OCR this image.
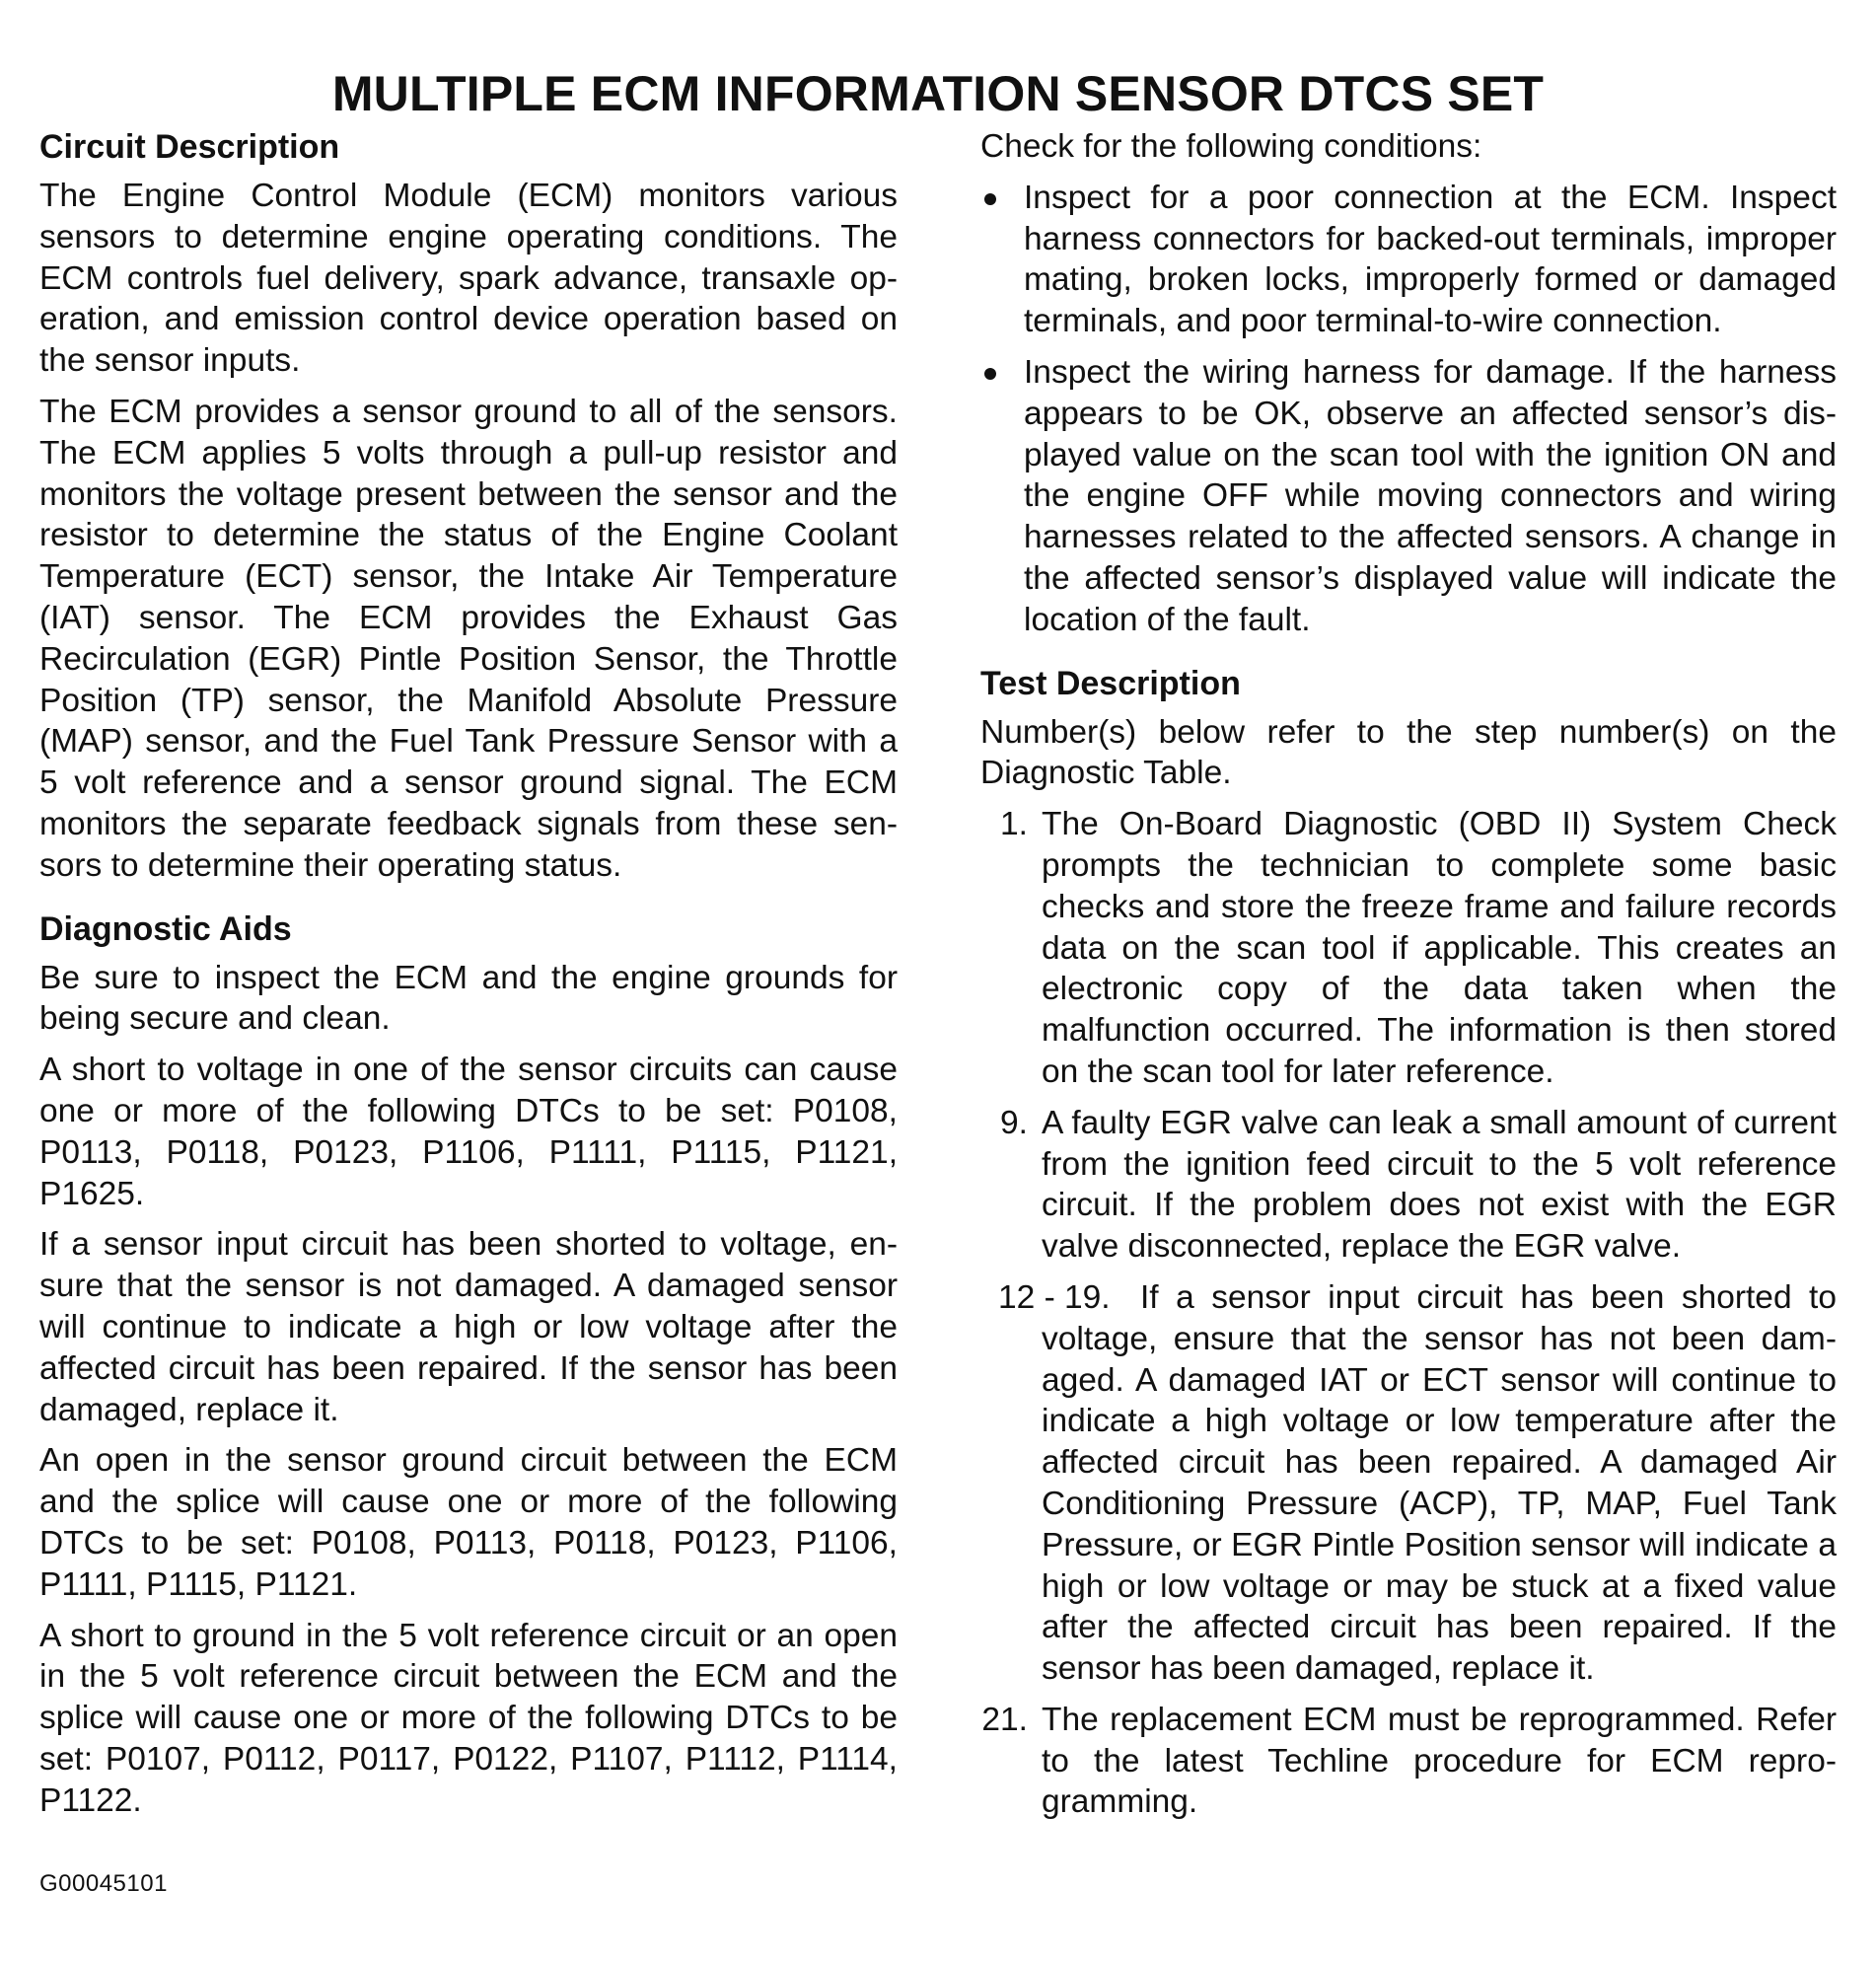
MULTIPLE ECM INFORMATION SENSOR DTCS SET
Circuit Description

The Engine Control Module (ECM) monitors various sensors to determine engine operating conditions. The ECM controls fuel delivery, spark advance, transaxle operation, and emission control device operation based on the sensor inputs.

The ECM provides a sensor ground to all of the sensors. The ECM applies 5 volts through a pull-up resistor and monitors the voltage present between the sensor and the resistor to determine the status of the Engine Coolant Temperature (ECT) sensor, the Intake Air Temperature (IAT) sensor. The ECM provides the Exhaust Gas Recirculation (EGR) Pintle Position Sensor, the Throttle Position (TP) sensor, the Manifold Absolute Pressure (MAP) sensor, and the Fuel Tank Pressure Sensor with a 5 volt reference and a sensor ground signal. The ECM monitors the separate feedback signals from these sensors to determine their operating status.

Diagnostic Aids

Be sure to inspect the ECM and the engine grounds for being secure and clean.

A short to voltage in one of the sensor circuits can cause one or more of the following DTCs to be set: P0108, P0113, P0118, P0123, P1106, P1111, P1115, P1121, P1625.

If a sensor input circuit has been shorted to voltage, ensure that the sensor is not damaged. A damaged sensor will continue to indicate a high or low voltage after the affected circuit has been repaired. If the sensor has been damaged, replace it.

An open in the sensor ground circuit between the ECM and the splice will cause one or more of the following DTCs to be set: P0108, P0113, P0118, P0123, P1106, P1111, P1115, P1121.

A short to ground in the 5 volt reference circuit or an open in the 5 volt reference circuit between the ECM and the splice will cause one or more of the following DTCs to be set: P0107, P0112, P0117, P0122, P1107, P1112, P1114, P1122.

Check for the following conditions:

Inspect for a poor connection at the ECM. Inspect harness connectors for backed-out terminals, improper mating, broken locks, improperly formed or damaged terminals, and poor terminal-to-wire connection.
Inspect the wiring harness for damage. If the harness appears to be OK, observe an affected sensor’s displayed value on the scan tool with the ignition ON and the engine OFF while moving connectors and wiring harnesses related to the affected sensors. A change in the affected sensor’s displayed value will indicate the location of the fault.
Test Description

Number(s) below refer to the step number(s) on the Diagnostic Table.

1. The On-Board Diagnostic (OBD II) System Check prompts the technician to complete some basic checks and store the freeze frame and failure records data on the scan tool if applicable. This creates an electronic copy of the data taken when the malfunction occurred. The information is then stored on the scan tool for later reference.
9. A faulty EGR valve can leak a small amount of current from the ignition feed circuit to the 5 volt reference circuit. If the problem does not exist with the EGR valve disconnected, replace the EGR valve.
12 - 19. If a sensor input circuit has been shorted to voltage, ensure that the sensor has not been damaged. A damaged IAT or ECT sensor will continue to indicate a high voltage or low temperature after the affected circuit has been repaired. A damaged Air Conditioning Pressure (ACP), TP, MAP, Fuel Tank Pressure, or EGR Pintle Position sensor will indicate a high or low voltage or may be stuck at a fixed value after the affected circuit has been repaired. If the sensor has been damaged, replace it.
21. The replacement ECM must be reprogrammed. Refer to the latest Techline procedure for ECM reprogramming.
G00045101
